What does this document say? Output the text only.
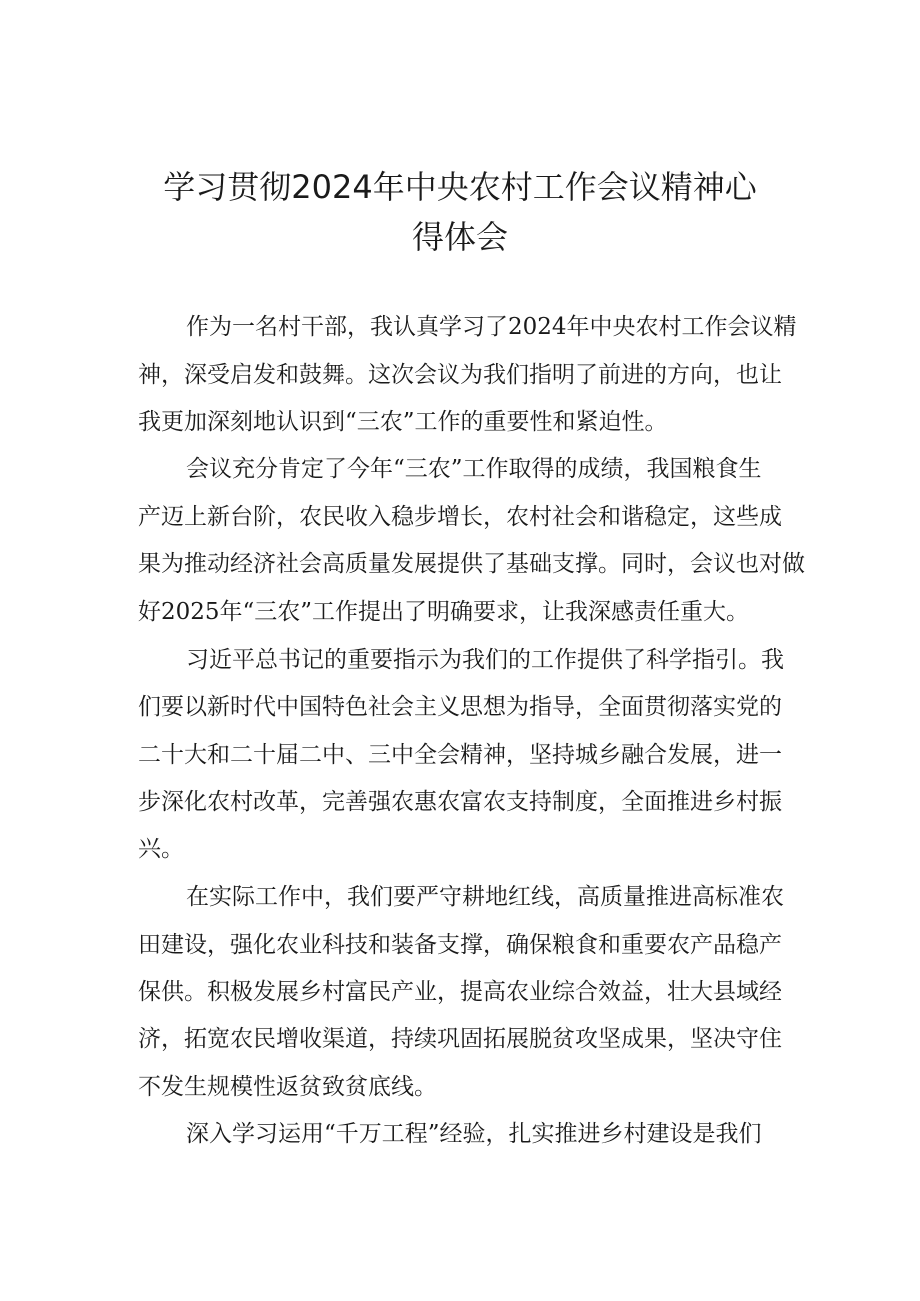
学习贯彻2024年中央农村工作会议精神心
得体会
作为一名村干部，我认真学习了2024年中央农村工作会议精
神，深受启发和鼓舞。这次会议为我们指明了前进的方向，也让
我更加深刻地认识到“三农”工作的重要性和紧迫性。
会议充分肯定了今年“三农”工作取得的成绩，我国粮食生
产迈上新台阶，农民收入稳步增长，农村社会和谐稳定，这些成
果为推动经济社会高质量发展提供了基础支撑。同时，会议也对做
好2025年“三农”工作提出了明确要求，让我深感责任重大。
习近平总书记的重要指示为我们的工作提供了科学指引。我
们要以新时代中国特色社会主义思想为指导，全面贯彻落实党的
二十大和二十届二中、三中全会精神，坚持城乡融合发展，进一
步深化农村改革，完善强农惠农富农支持制度，全面推进乡村振
兴。
在实际工作中，我们要严守耕地红线，高质量推进高标准农
田建设，强化农业科技和装备支撑，确保粮食和重要农产品稳产
保供。积极发展乡村富民产业，提高农业综合效益，壮大县域经
济，拓宽农民增收渠道，持续巩固拓展脱贫攻坚成果，坚决守住
不发生规模性返贫致贫底线。
深入学习运用“千万工程”经验，扎实推进乡村建设是我们
